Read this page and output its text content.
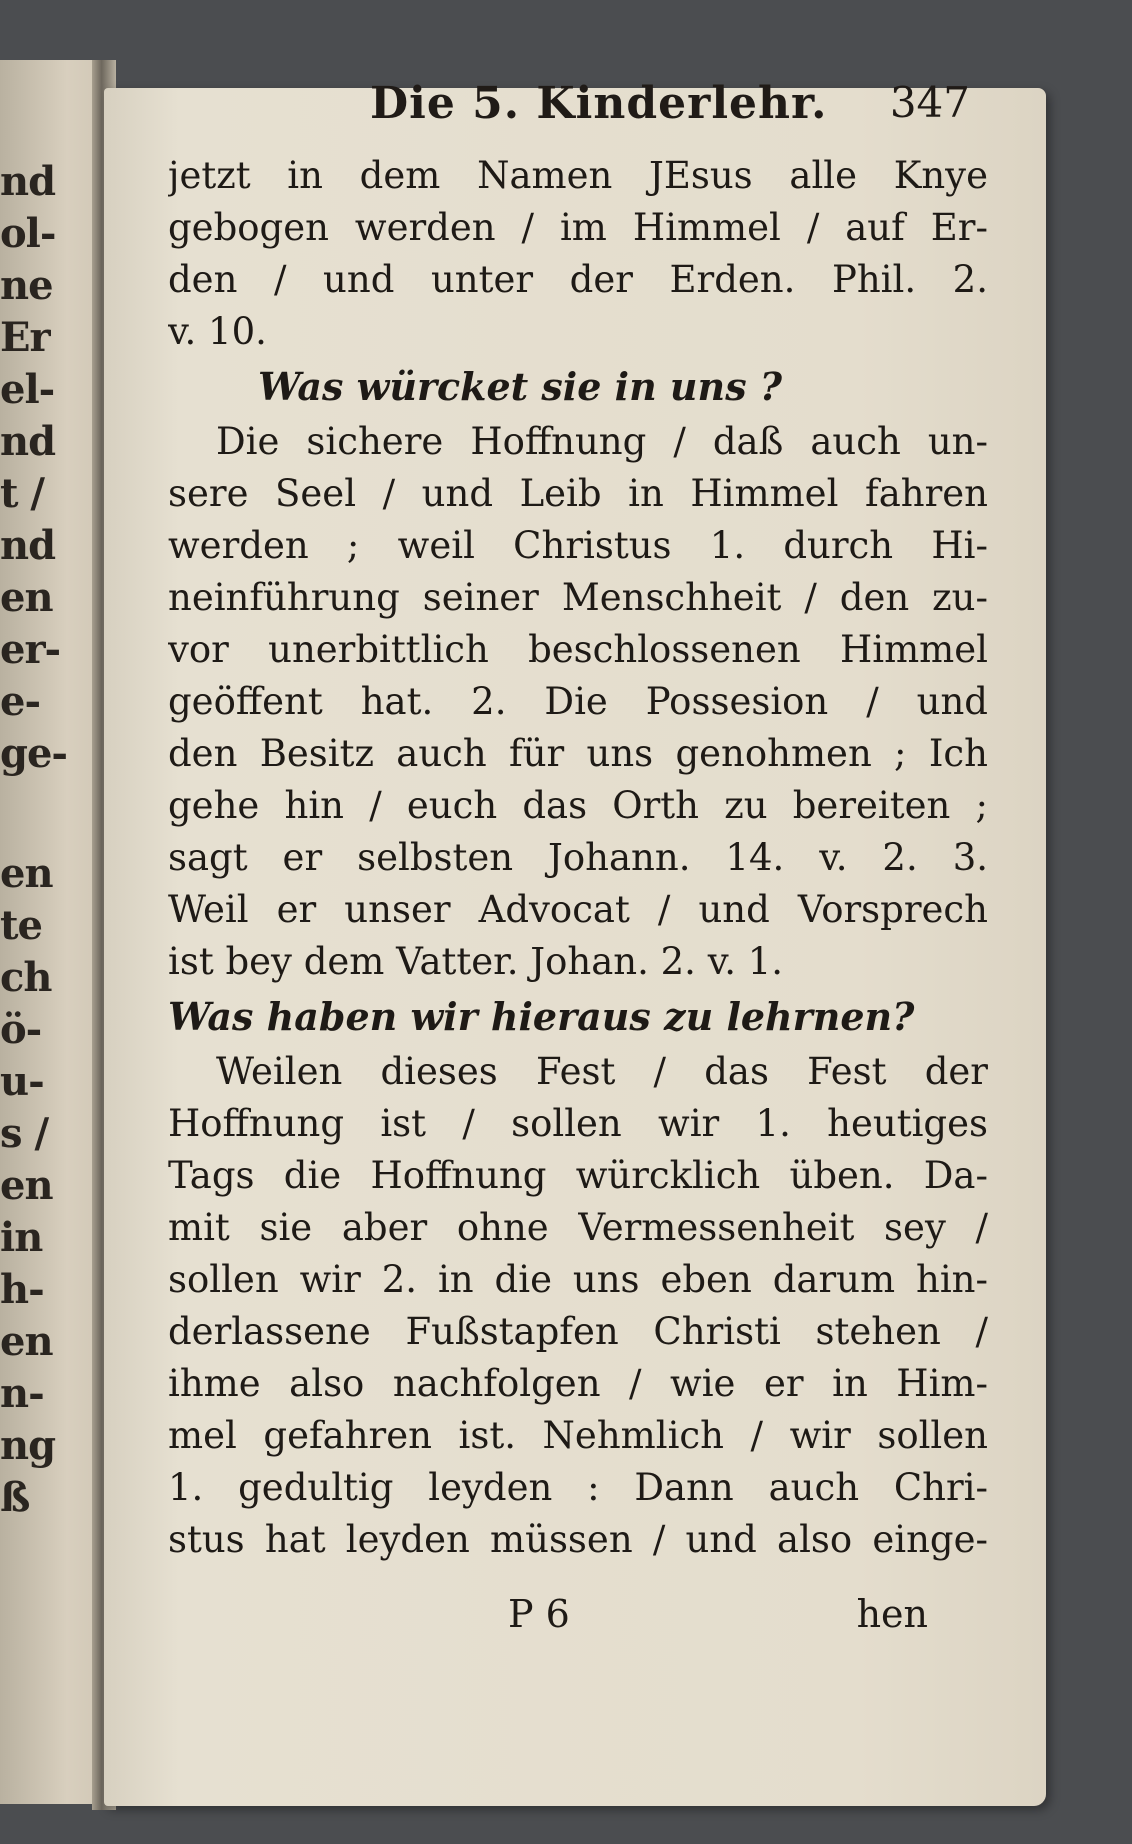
nd
ol-
ne
Er
el-
nd
t /
nd
en
er-
e-
ge-
en
te
ch
ö-
u-
s /
en
in
h-
en
n-
ng
ß
Die 5. Kinderlehr. 347
jetzt in dem Namen JEsus alle Knye
gebogen werden / im Himmel / auf Er-
den / und unter der Erden. Phil. 2.
v. 10.
Was würcket sie in uns ?
Die sichere Hoffnung / daß auch un-
sere Seel / und Leib in Himmel fahren
werden ; weil Christus 1. durch Hi-
neinführung seiner Menschheit / den zu-
vor unerbittlich beschlossenen Himmel
geöffent hat. 2. Die Possesion / und
den Besitz auch für uns genohmen ; Ich
gehe hin / euch das Orth zu bereiten ;
sagt er selbsten Johann. 14. v. 2. 3.
Weil er unser Advocat / und Vorsprech
ist bey dem Vatter. Johan. 2. v. 1.
Was haben wir hieraus zu lehrnen?
Weilen dieses Fest / das Fest der
Hoffnung ist / sollen wir 1. heutiges
Tags die Hoffnung würcklich üben. Da-
mit sie aber ohne Vermessenheit sey /
sollen wir 2. in die uns eben darum hin-
derlassene Fußstapfen Christi stehen /
ihme also nachfolgen / wie er in Him-
mel gefahren ist. Nehmlich / wir sollen
1. gedultig leyden : Dann auch Chri-
stus hat leyden müssen / und also einge-
P 6	hen
